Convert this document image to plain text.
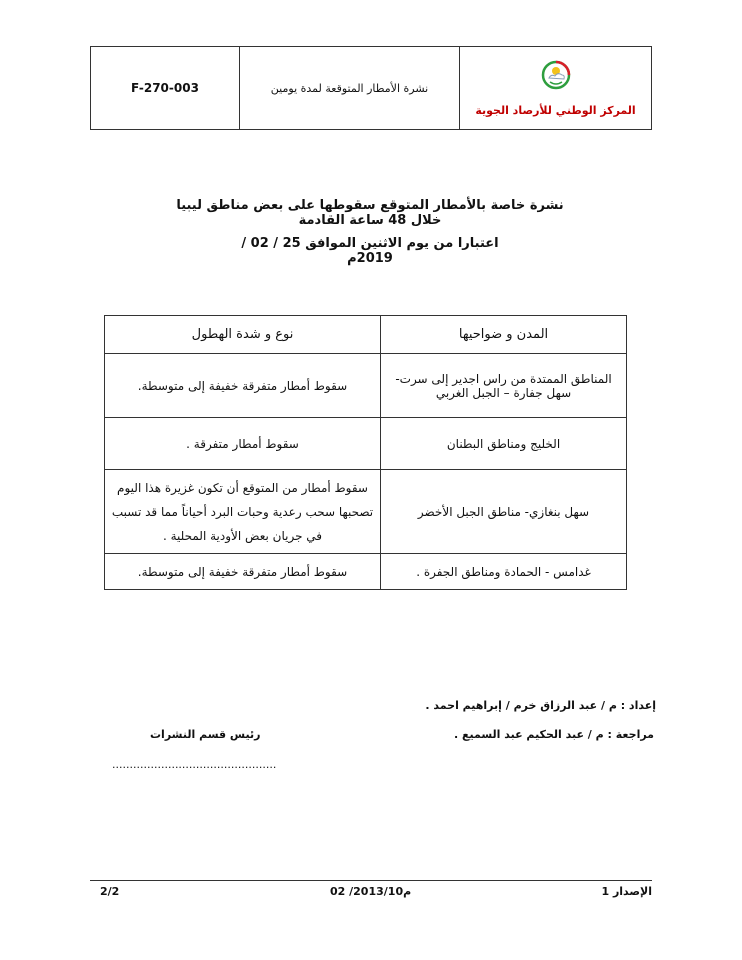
F-270-003	نشرة الأمطار المتوقعة لمدة يومين
المركز الوطني للأرصاد الجوية
نشرة خاصة بالأمطار المتوقع سقوطها على بعض مناطق ليبيا خلال 48 ساعة القادمة
اعتبارا من يوم الاثنين الموافق 25 / 02 / 2019م
المدن و ضواحيها	نوع و شدة الهطول
المناطق الممتدة من راس اجدير إلى سرت- سهل جفارة – الجبل الغربي	سقوط أمطار متفرقة خفيفة إلى متوسطة.
الخليج ومناطق البطنان	سقوط أمطار متفرقة .
سهل بنغازي- مناطق الجبل الأخضر	سقوط أمطار من المتوقع أن تكون غزيرة هذا اليوم تصحبها سحب رعدية وحبات البرد أحياناً مما قد تسبب في جريان بعض الأودية المحلية .
غدامس - الحمادة ومناطق الجفرة .	سقوط أمطار متفرقة خفيفة إلى متوسطة.
إعداد : م / عبد الرزاق خرم / إبراهيم احمد .
مراجعة : م / عبد الحكيم عبد السميع .
رئيس قسم النشرات
...............................................
الإصدار 1
02 /2013/10م
2/2
